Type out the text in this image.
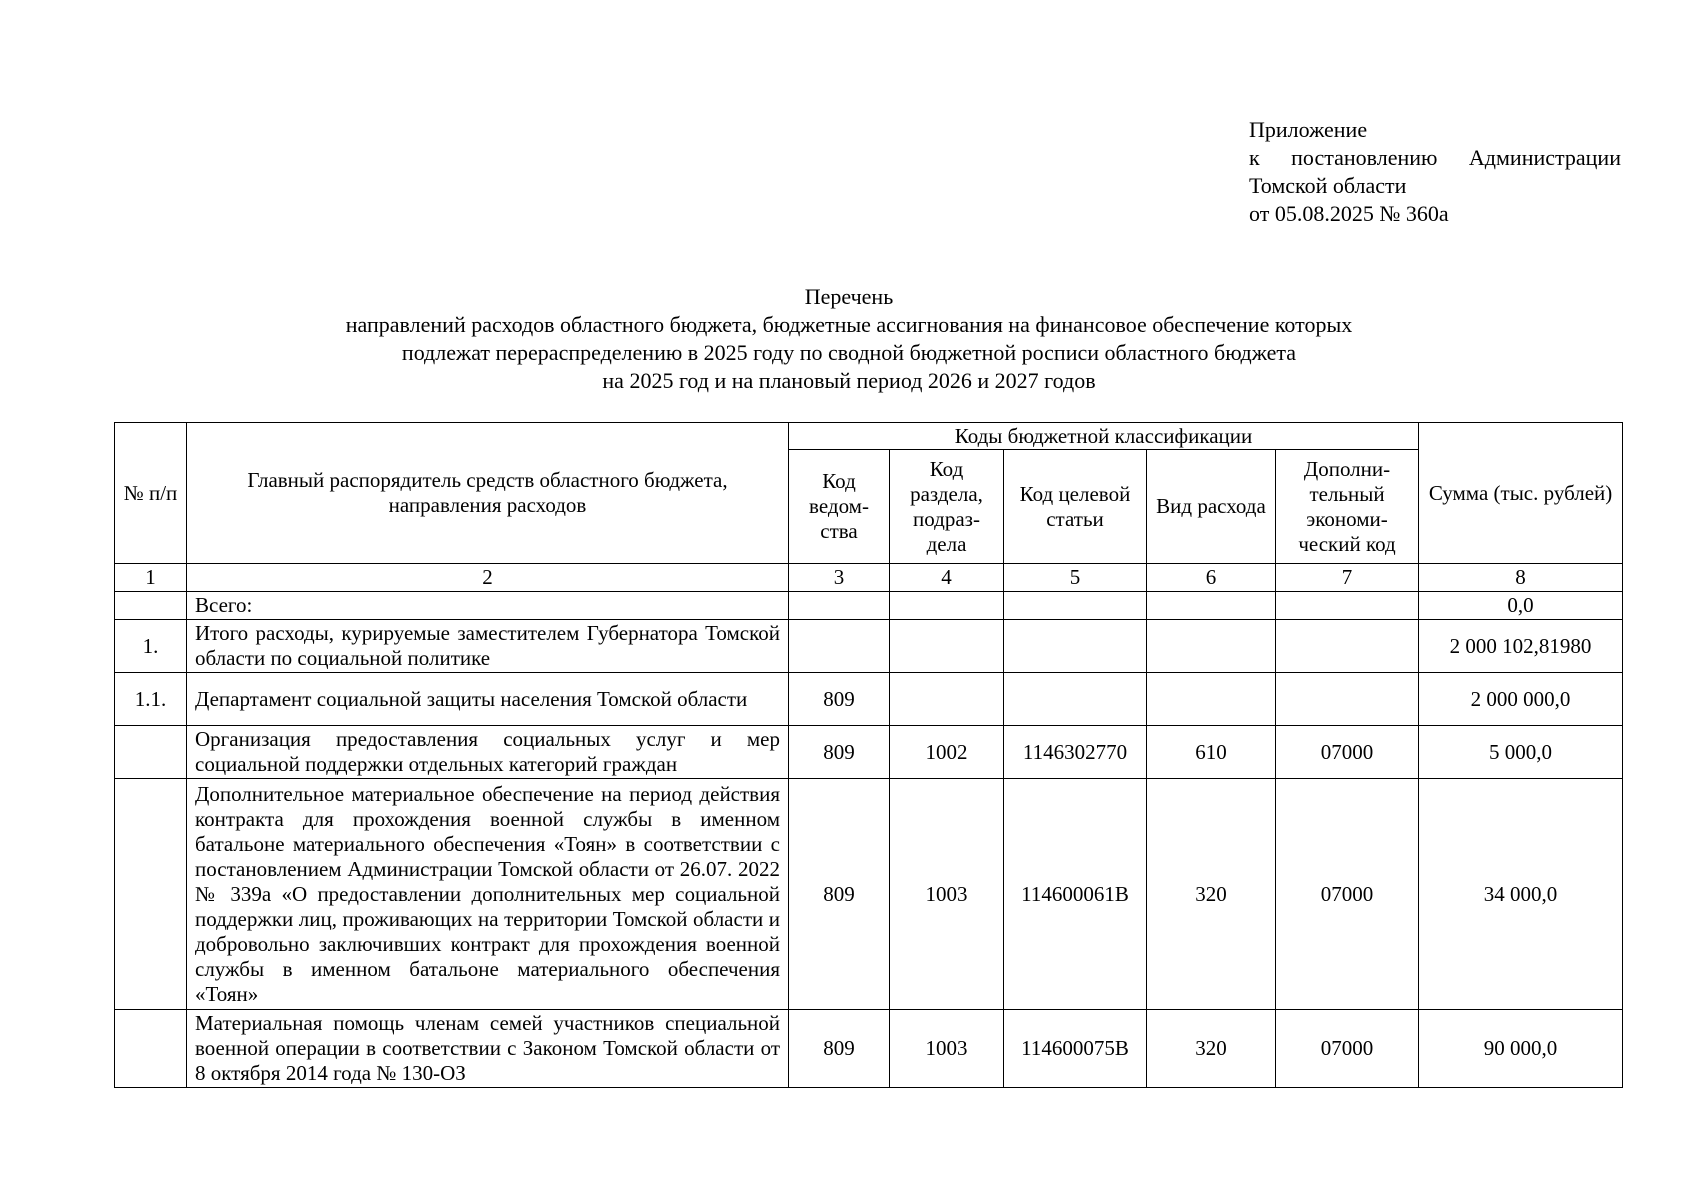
Приложение
к постановлению Администрации
Томской области
от 05.08.2025 № 360а
Перечень
направлений расходов областного бюджета, бюджетные ассигнования на финансовое обеспечение которых
подлежат перераспределению в 2025 году по сводной бюджетной росписи областного бюджета
на 2025 год и на плановый период 2026 и 2027 годов
№ п/п	Главный распорядитель средств областного бюджета, направления расходов	Коды бюджетной классификации					Сумма (тыс. рублей)
		Код ведом-ства	Код раздела, подраз-дела	Код целевой статьи	Вид расхода	Дополни-тельный экономи-ческий код	
1	2	3	4	5	6	7	8
	Всего:						0,0
1.	Итого расходы, курируемые заместителем Губернатора Томской области по социальной политике						2 000 102,81980
1.1.	Департамент социальной защиты населения Томской области	809					2 000 000,0
	Организация предоставления социальных услуг и мер социальной поддержки отдельных категорий граждан	809	1002	1146302770	610	07000	5 000,0
	Дополнительное материальное обеспечение на период действия контракта для прохождения военной службы в именном батальоне материального обеспечения «Тоян» в соответствии с постановлением Администрации Томской области от 26.07. 2022 № 339а «О предоставлении дополнительных мер социальной поддержки лиц, проживающих на территории Томской области и добровольно заключивших контракт для прохождения военной службы в именном батальоне материального обеспечения «Тоян»	809	1003	114600061В	320	07000	34 000,0
	Материальная помощь членам семей участников специальной военной операции в соответствии с Законом Томской области от 8 октября 2014 года № 130-ОЗ	809	1003	114600075В	320	07000	90 000,0
